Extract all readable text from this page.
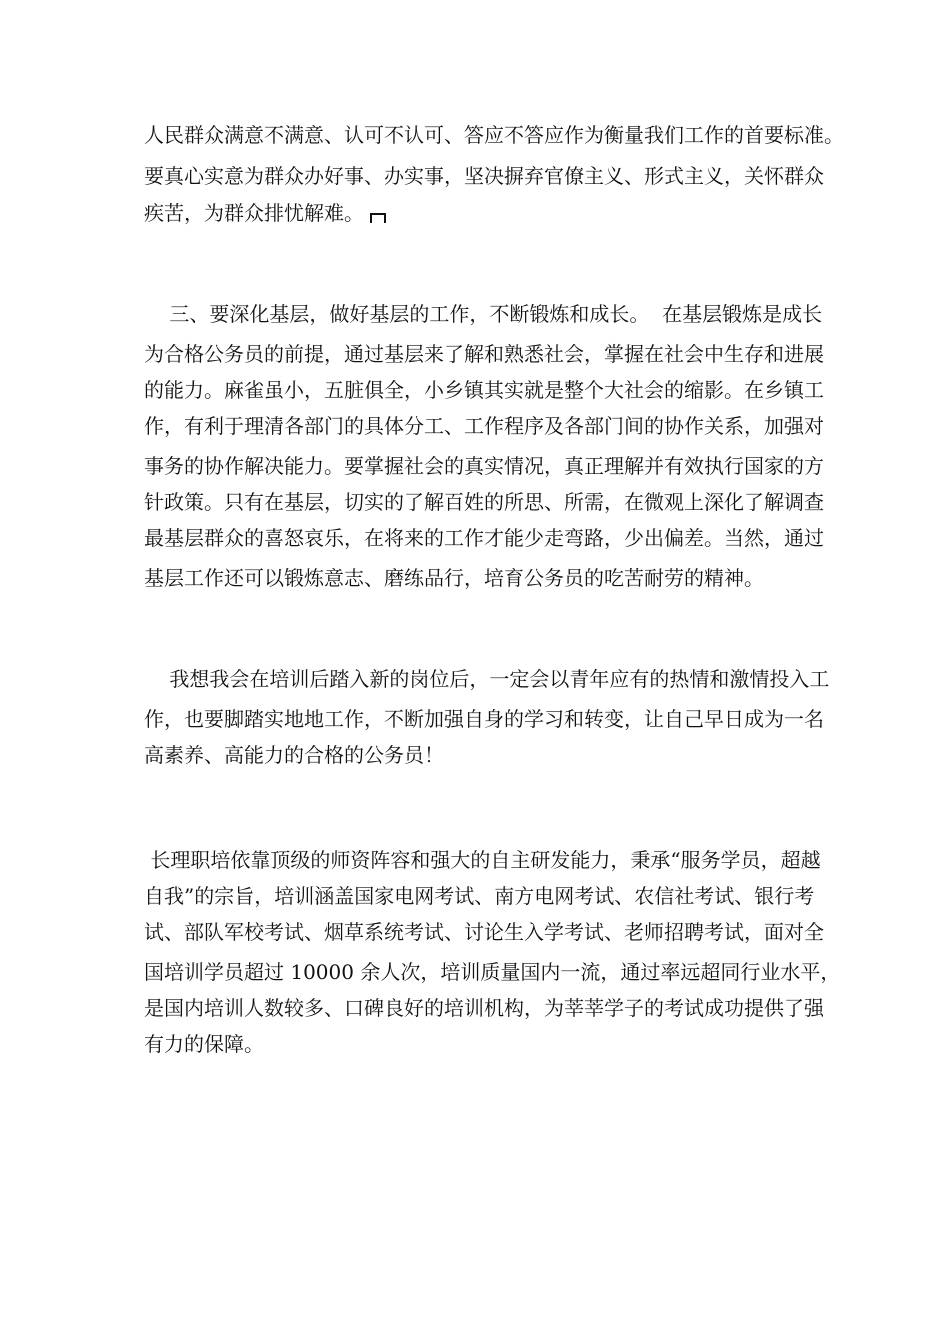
人民群众满意不满意、认可不认可、答应不答应作为衡量我们工作的首要标准。

要真心实意为群众办好事、办实事，坚决摒弃官僚主义、形式主义，关怀群众

疾苦，为群众排忧解难。

三、要深化基层，做好基层的工作，不断锻炼和成长。  在基层锻炼是成长

为合格公务员的前提，通过基层来了解和熟悉社会，掌握在社会中生存和进展

的能力。麻雀虽小，五脏俱全，小乡镇其实就是整个大社会的缩影。在乡镇工

作，有利于理清各部门的具体分工、工作程序及各部门间的协作关系，加强对

事务的协作解决能力。要掌握社会的真实情况，真正理解并有效执行国家的方

针政策。只有在基层，切实的了解百姓的所思、所需，在微观上深化了解调查

最基层群众的喜怒哀乐，在将来的工作才能少走弯路，少出偏差。当然，通过

基层工作还可以锻炼意志、磨练品行，培育公务员的吃苦耐劳的精神。

我想我会在培训后踏入新的岗位后，一定会以青年应有的热情和激情投入工

作，也要脚踏实地地工作，不断加强自身的学习和转变，让自己早日成为一名

高素养、高能力的合格的公务员！

长理职培依靠顶级的师资阵容和强大的自主研发能力，秉承“服务学员，超越

自我”的宗旨，培训涵盖国家电网考试、南方电网考试、农信社考试、银行考

试、部队军校考试、烟草系统考试、讨论生入学考试、老师招聘考试，面对全

国培训学员超过 10000 余人次，培训质量国内一流，通过率远超同行业水平，

是国内培训人数较多、口碑良好的培训机构，为莘莘学子的考试成功提供了强

有力的保障。
